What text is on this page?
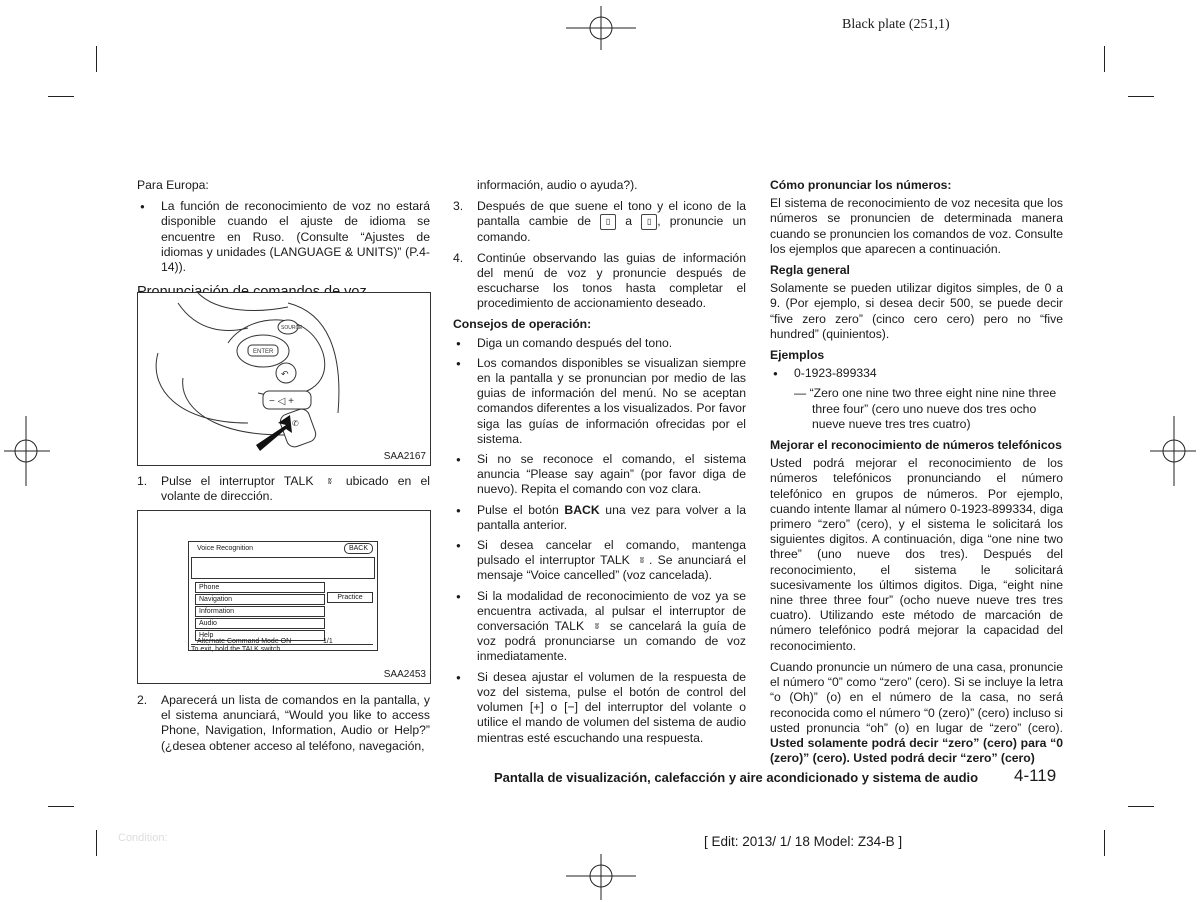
Black plate (251,1)

Para Europa:

● La función de reconocimiento de voz no estará disponible cuando el ajuste de idioma se encuentre en Ruso. (Consulte “Ajustes de idiomas y unidades (LANGUAGE & UNITS)” (P.4-14)).
SOURCE
ENTER
↶
− ◁ +
✆
SAA2167
1. Pulse el interruptor TALK ʬ ubicado en el volante de dirección.
Voice Recognition	BACK
Phone
Navigation
Information
Audio
Help
Practice
Alternate Command Mode ON	1/1
To exit, hold the TALK switch
SAA2453
2. Aparecerá un lista de comandos en la pantalla, y el sistema anunciará, “Would you like to access Phone, Navigation, Information, Audio or Help?” (¿desea obtener acceso al teléfono, navegación,

información, audio o ayuda?).

3. Después de que suene el tono y el icono de la pantalla cambie de ▯ a ▯ , pronuncie un comando.
4. Continúe observando las guias de información del menú de voz y pronuncie después de escucharse los tonos hasta completar el procedimiento de accionamiento deseado.
Consejos de operación:
● Diga un comando después del tono.
● Los comandos disponibles se visualizan siempre en la pantalla y se pronuncian por medio de las guias de información del menú. No se aceptan comandos diferentes a los visualizados. Por favor siga las guías de información ofrecidas por el sistema.
● Si no se reconoce el comando, el sistema anuncia “Please say again” (por favor diga de nuevo). Repita el comando con voz clara.
● Pulse el botón BACK una vez para volver a la pantalla anterior.
● Si desea cancelar el comando, mantenga pulsado el interruptor TALK ʬ . Se anunciará el mensaje “Voice cancelled” (voz cancelada).
● Si la modalidad de reconocimiento de voz ya se encuentra activada, al pulsar el interruptor de conversación TALK ʬ se cancelará la guía de voz podrá pronunciarse un comando de voz inmediatamente.
● Si desea ajustar el volumen de la respuesta de voz del sistema, pulse el botón de control del volumen [+] o [−] del interruptor del volante o utilice el mando de volumen del sistema de audio mientras esté escuchando una respuesta.
Cómo pronunciar los números:

El sistema de reconocimiento de voz necesita que los números se pronuncien de determinada manera cuando se pronuncien los comandos de voz. Consulte los ejemplos que aparecen a continuación.

Regla general

Solamente se pueden utilizar digitos simples, de 0 a 9. (Por ejemplo, si desea decir 500, se puede decir “five zero zero” (cinco cero cero) pero no “five hundred” (quinientos).

Ejemplos
● 0-1923-899334
— “Zero one nine two three eight nine nine three three four” (cero uno nueve dos tres ocho nueve nueve tres tres cuatro)
Mejorar el reconocimiento de números telefónicos

Usted podrá mejorar el reconocimiento de los números telefónicos pronunciando el número telefónico en grupos de números. Por ejemplo, cuando intente llamar al número 0-1923-899334, diga primero “zero” (cero), y el sistema le solicitará los siguientes digitos. A continuación, diga “one nine two three” (uno nueve dos tres). Después del reconocimiento, el sistema le solicitará sucesivamente los últimos digitos. Diga, “eight nine nine three three four” (ocho nueve nueve tres tres cuatro). Utilizando este método de marcación de número telefónico podrá mejorar la capacidad del reconocimiento.

Cuando pronuncie un número de una casa, pronuncie el número “0” como “zero” (cero). Si se incluye la letra “o (Oh)” (o) en el número de la casa, no será reconocida como el número “0 (zero)” (cero) incluso si usted pronuncia “oh” (o) en lugar de “zero” (cero). Usted solamente podrá decir “zero” (cero) para “0 (zero)” (cero). Usted podrá decir “zero” (cero)

Pantalla de visualización, calefacción y aire acondicionado y sistema de audio 4-119
Condition:	[ Edit: 2013/ 1/ 18 Model: Z34-B ]
